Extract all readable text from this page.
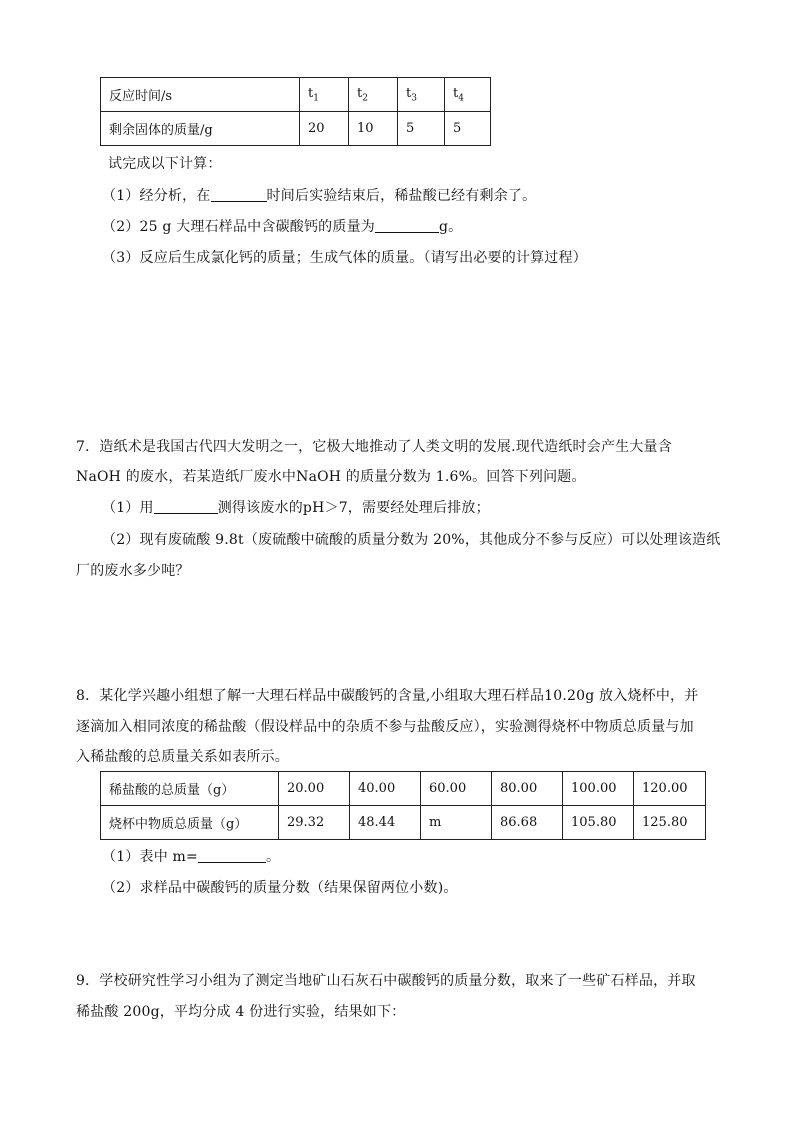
反应时间/s	$t_1$	$t_2$	$t_3$	$t_4$
剩余固体的质量/g	20	10	5	5
试完成以下计算：
（1）经分析，在	时间后实验结束后，稀盐酸已经有剩余了。
（2）25 g 大理石样品中含碳酸钙的质量为	g。
（3）反应后生成氯化钙的质量；生成气体的质量。（请写出必要的计算过程）
7．造纸术是我国古代四大发明之一，它极大地推动了人类文明的发展.现代造纸时会产生大量含
NaOH 的废水，若某造纸厂废水中NaOH 的质量分数为 1.6%。回答下列问题。
（1）用	测得该废水的pH＞7，需要经处理后排放；
（2）现有废硫酸 9.8t（废硫酸中硫酸的质量分数为 20%，其他成分不参与反应）可以处理该造纸
厂的废水多少吨？
8．某化学兴趣小组想了解一大理石样品中碳酸钙的含量,小组取大理石样品10.20g 放入烧杯中，并
逐滴加入相同浓度的稀盐酸（假设样品中的杂质不参与盐酸反应），实验测得烧杯中物质总质量与加
入稀盐酸的总质量关系如表所示。
稀盐酸的总质量（g）	20.00	40.00	60.00	80.00	100.00	120.00
烧杯中物质总质量（g）	29.32	48.44	m	86.68	105.80	125.80
（1）表中 m=	。
（2）求样品中碳酸钙的质量分数（结果保留两位小数)。
9．学校研究性学习小组为了测定当地矿山石灰石中碳酸钙的质量分数，取来了一些矿石样品，并取
稀盐酸 200g，平均分成 4 份进行实验，结果如下：
